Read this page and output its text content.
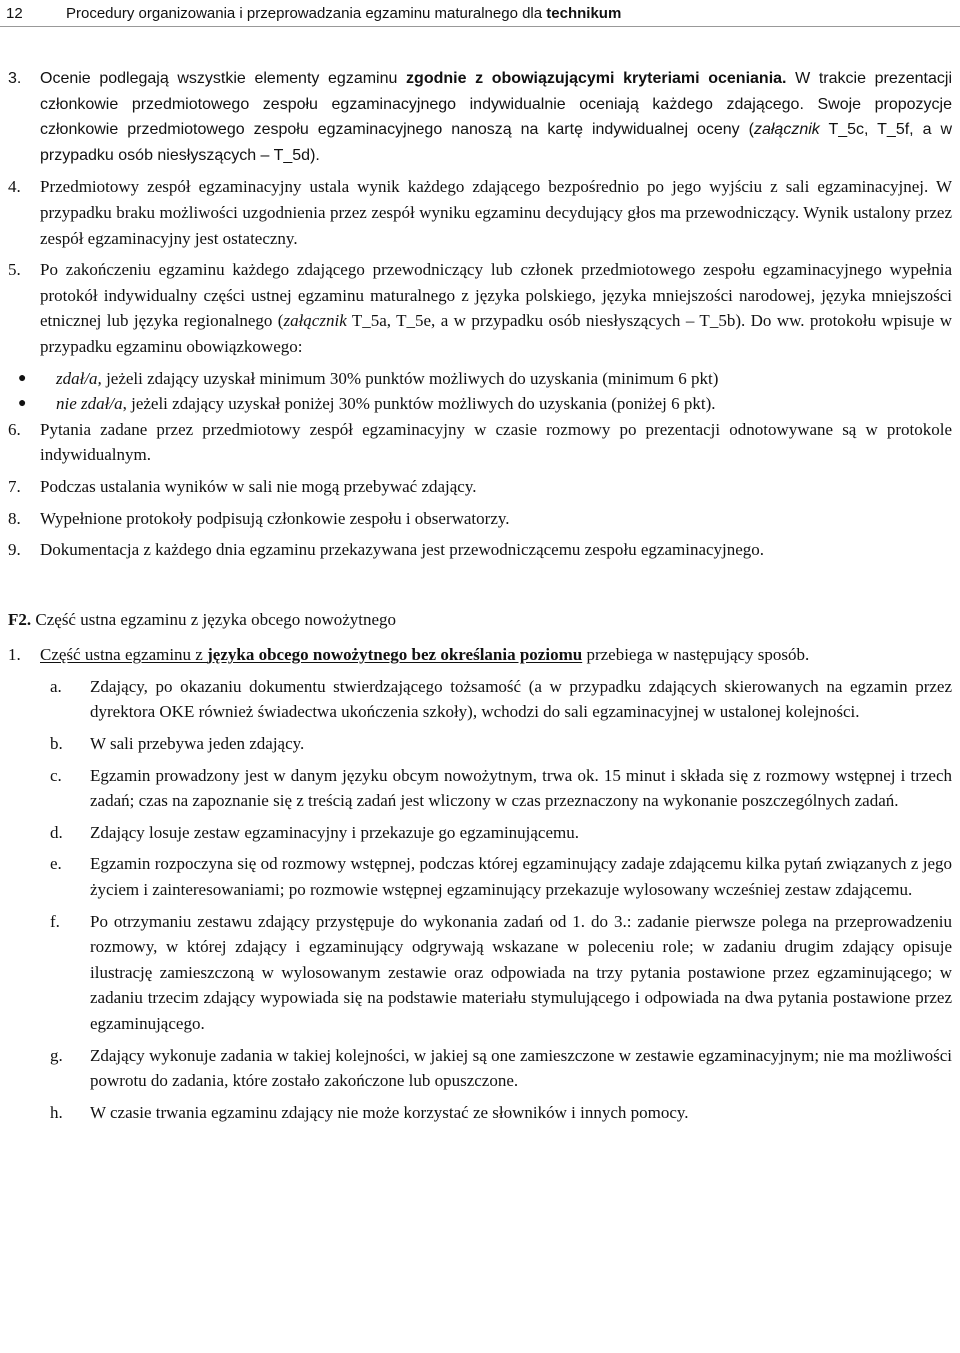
12	Procedury organizowania i przeprowadzania egzaminu maturalnego dla technikum
3.	Ocenie podlegają wszystkie elementy egzaminu zgodnie z obowiązującymi kryteriami oceniania. W trakcie prezentacji członkowie przedmiotowego zespołu egzaminacyjnego indywidualnie oceniają każdego zdającego. Swoje propozycje członkowie przedmiotowego zespołu egzaminacyjnego nanoszą na kartę indywidualnej oceny (załącznik T_5c, T_5f, a w przypadku osób niesłyszących – T_5d).
4.	Przedmiotowy zespół egzaminacyjny ustala wynik każdego zdającego bezpośrednio po jego wyjściu z sali egzaminacyjnej. W przypadku braku możliwości uzgodnienia przez zespół wyniku egzaminu decydujący głos ma przewodniczący. Wynik ustalony przez zespół egzaminacyjny jest ostateczny.
5.	Po zakończeniu egzaminu każdego zdającego przewodniczący lub członek przedmiotowego zespołu egzaminacyjnego wypełnia protokół indywidualny części ustnej egzaminu maturalnego z języka polskiego, języka mniejszości narodowej, języka mniejszości etnicznej lub języka regionalnego (załącznik T_5a, T_5e, a w przypadku osób niesłyszących – T_5b). Do ww. protokołu wpisuje w przypadku egzaminu obowiązkowego:
●	zdał/a, jeżeli zdający uzyskał minimum 30% punktów możliwych do uzyskania (minimum 6 pkt)
●	nie zdał/a, jeżeli zdający uzyskał poniżej 30% punktów możliwych do uzyskania (poniżej 6 pkt).
6.	Pytania zadane przez przedmiotowy zespół egzaminacyjny w czasie rozmowy po prezentacji odnotowywane są w protokole indywidualnym.
7.	Podczas ustalania wyników w sali nie mogą przebywać zdający.
8.	Wypełnione protokoły podpisują członkowie zespołu i obserwatorzy.
9.	Dokumentacja z każdego dnia egzaminu przekazywana jest przewodniczącemu zespołu egzaminacyjnego.
F2. Część ustna egzaminu z języka obcego nowożytnego
1.	Część ustna egzaminu z języka obcego nowożytnego bez określania poziomu przebiega w następujący sposób.
a.	Zdający, po okazaniu dokumentu stwierdzającego tożsamość (a w przypadku zdających skierowanych na egzamin przez dyrektora OKE również świadectwa ukończenia szkoły), wchodzi do sali egzaminacyjnej w ustalonej kolejności.
b.	W sali przebywa jeden zdający.
c.	Egzamin prowadzony jest w danym języku obcym nowożytnym, trwa ok. 15 minut i składa się z rozmowy wstępnej i trzech zadań; czas na zapoznanie się z treścią zadań jest wliczony w czas przeznaczony na wykonanie poszczególnych zadań.
d.	Zdający losuje zestaw egzaminacyjny i przekazuje go egzaminującemu.
e.	Egzamin rozpoczyna się od rozmowy wstępnej, podczas której egzaminujący zadaje zdającemu kilka pytań związanych z jego życiem i zainteresowaniami; po rozmowie wstępnej egzaminujący przekazuje wylosowany wcześniej zestaw zdającemu.
f.	Po otrzymaniu zestawu zdający przystępuje do wykonania zadań od 1. do 3.: zadanie pierwsze polega na przeprowadzeniu rozmowy, w której zdający i egzaminujący odgrywają wskazane w poleceniu role; w zadaniu drugim zdający opisuje ilustrację zamieszczoną w wylosowanym zestawie oraz odpowiada na trzy pytania postawione przez egzaminującego; w zadaniu trzecim zdający wypowiada się na podstawie materiału stymulującego i odpowiada na dwa pytania postawione przez egzaminującego.
g.	Zdający wykonuje zadania w takiej kolejności, w jakiej są one zamieszczone w zestawie egzaminacyjnym; nie ma możliwości powrotu do zadania, które zostało zakończone lub opuszczone.
h.	W czasie trwania egzaminu zdający nie może korzystać ze słowników i innych pomocy.
